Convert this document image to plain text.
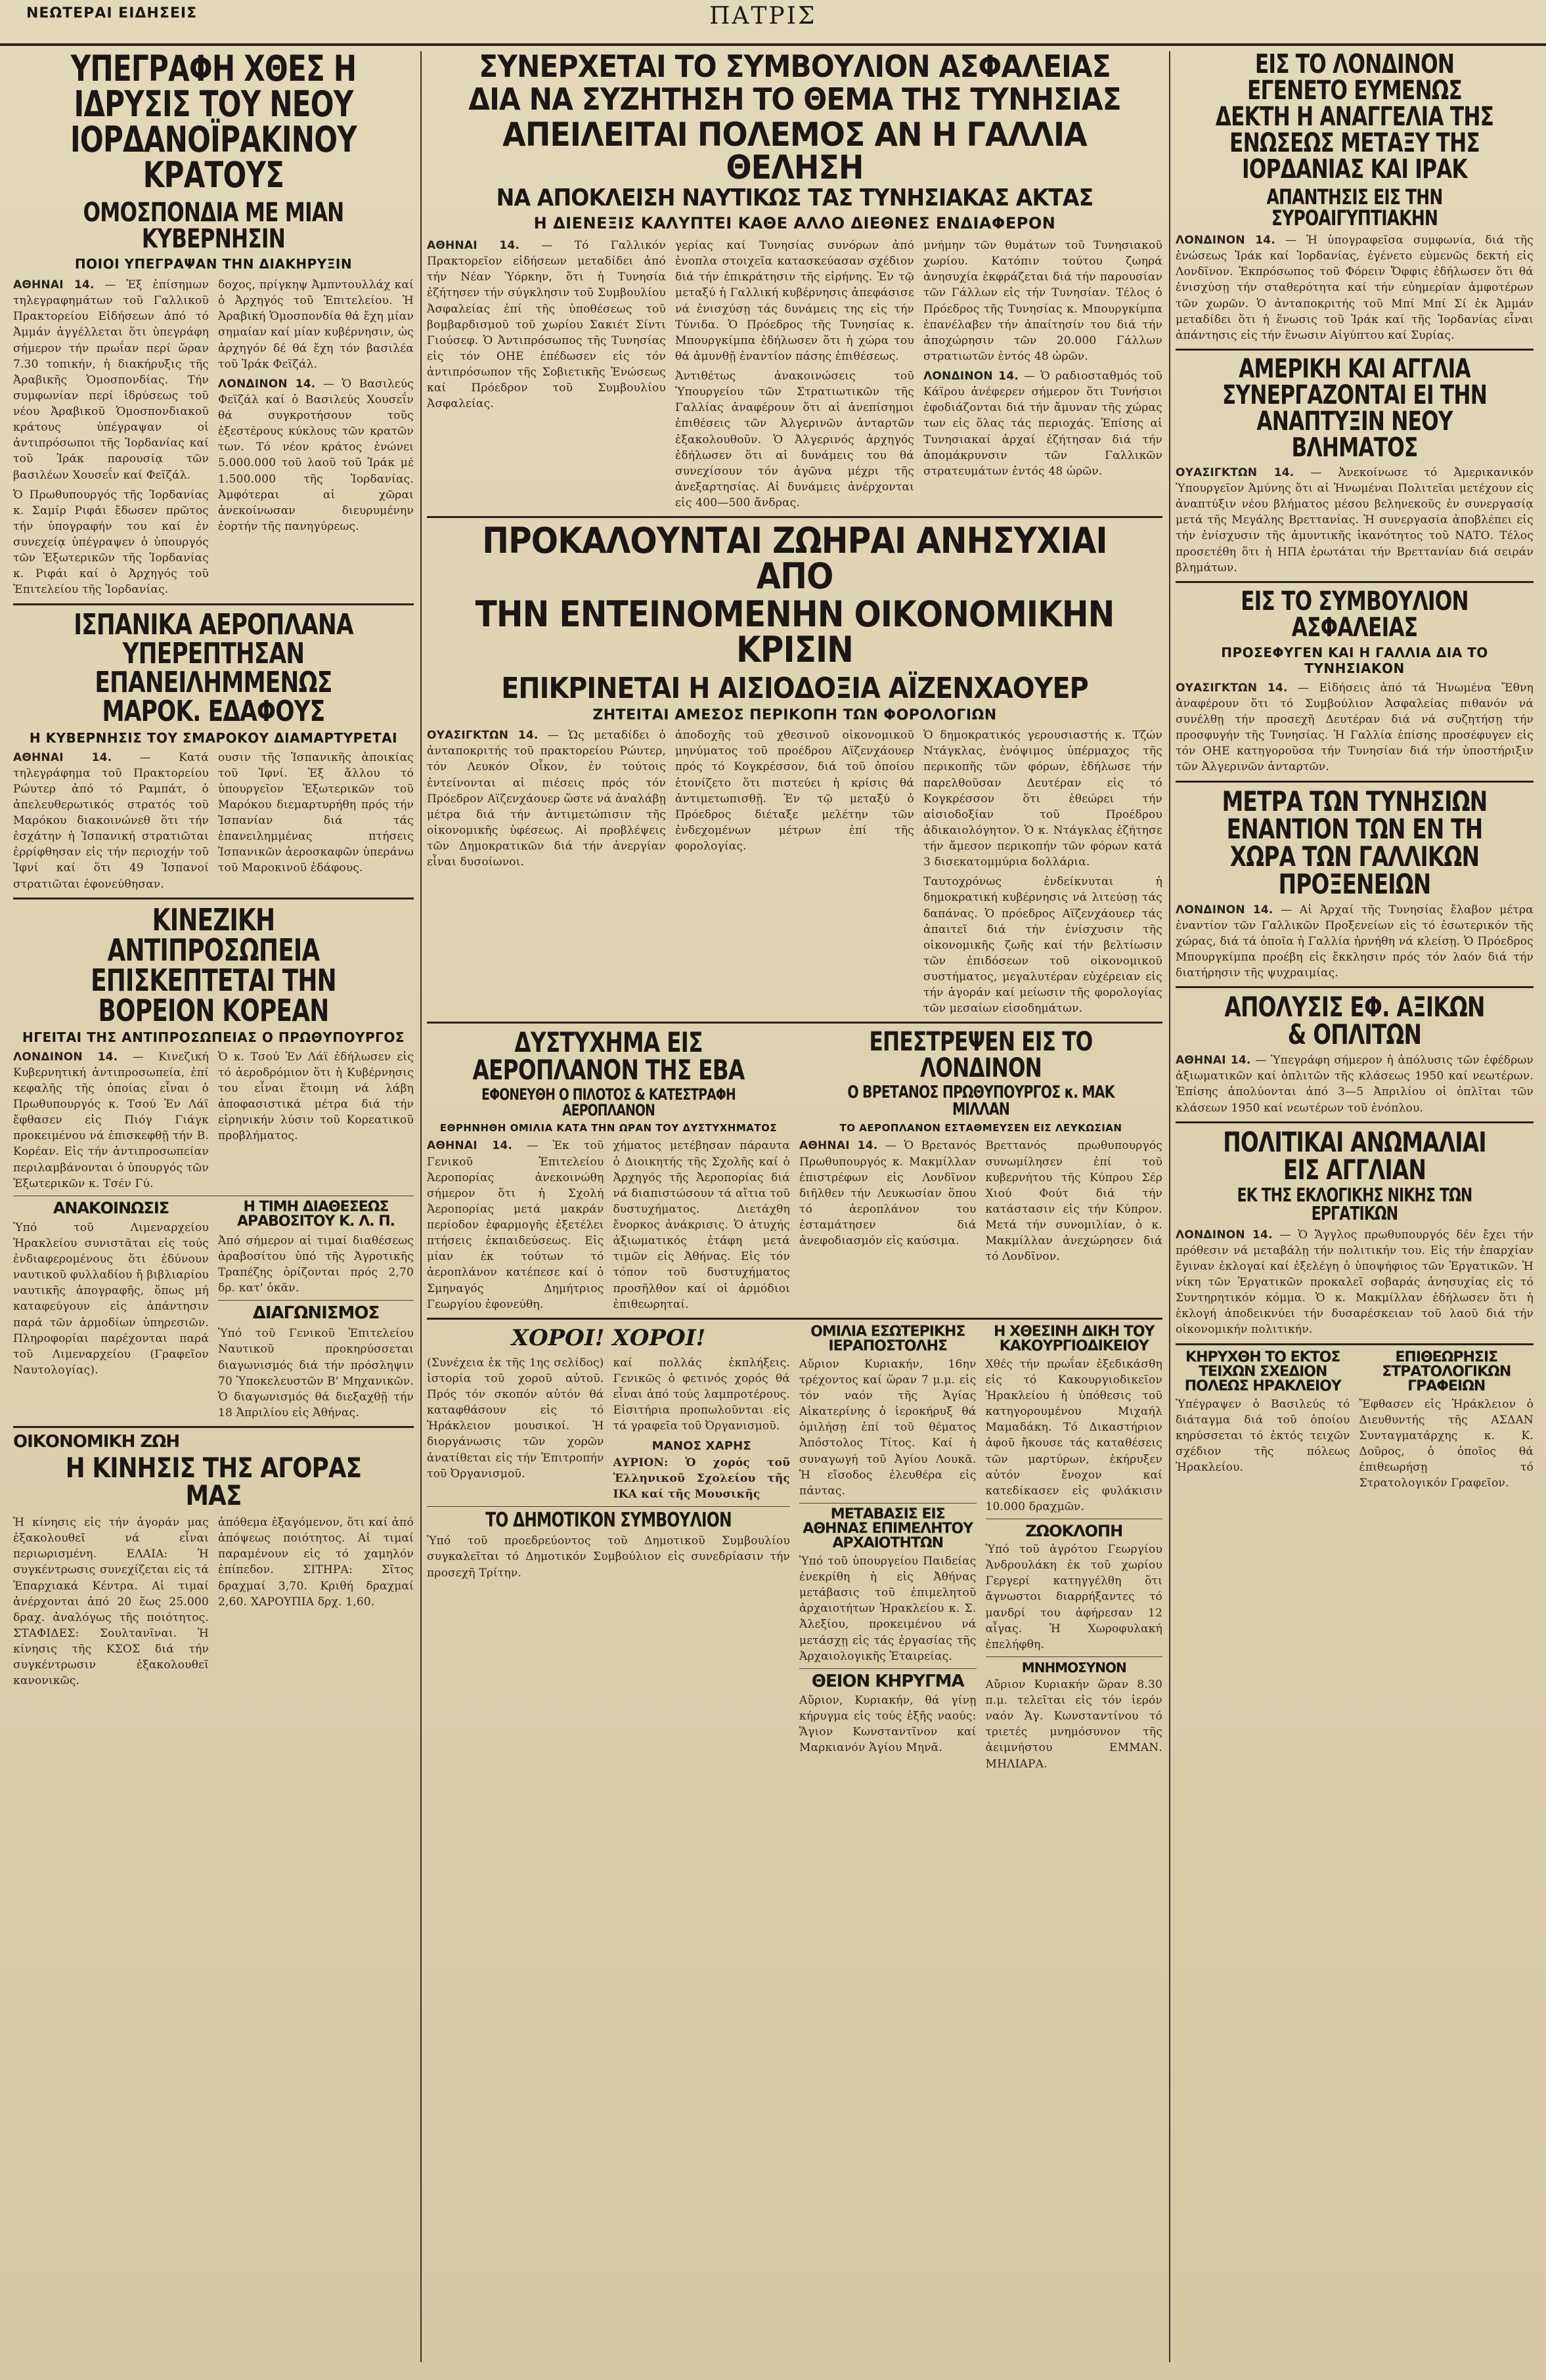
ΝΕΩΤΕΡΑΙ ΕΙΔΗΣΕΙΣ	ΠΑΤΡΙΣ
ΥΠΕΓΡΑΦΗ ΧΘΕΣ Η ΙΔΡΥΣΙΣ ΤΟΥ ΝΕΟΥ ΙΟΡΔΑΝΟΪΡΑΚΙΝΟΥ ΚΡΑΤΟΥΣ
ΟΜΟΣΠΟΝΔΙΑ ΜΕ ΜΙΑΝ ΚΥΒΕΡΝΗΣΙΝ
ΠΟΙΟΙ ΥΠΕΓΡΑΨΑΝ ΤΗΝ ΔΙΑΚΗΡΥΞΙΝ

ΑΘΗΝΑΙ 14. — Ἐξ ἐπίσημων τηλεγραφημάτων τοῦ Γαλλικοῦ Πρακτορείου Εἰδήσεων ἀπό τό Ἀμμάν ἀγγέλλεται ὅτι ὑπεγράφη σήμερον τήν πρωΐαν περί ὥραν 7.30 τοπικήν, ἡ διακήρυξις τῆς Ἀραβικῆς Ὁμοσπονδίας. Τήν συμφωνίαν περί ἱδρύσεως τοῦ νέου Ἀραβικοῦ Ὁμοσπονδιακοῦ κράτους ὑπέγραψαν οἱ ἀντιπρόσωποι τῆς Ἰορδανίας καί τοῦ Ἰράκ παρουσίᾳ τῶν βασιλέων Χουσεΐν καί Φεϊζάλ.

Ὁ Πρωθυπουργός τῆς Ἰορδανίας κ. Σαμίρ Ριφάι ἔδωσεν πρῶτος τήν ὑπογραφήν του καί ἐν συνεχείᾳ ὑπέγραψεν ὁ ὑπουργός τῶν Ἐξωτερικῶν τῆς Ἰορδανίας κ. Ριφάι καί ὁ Ἀρχηγός τοῦ Ἐπιτελείου τῆς Ἰορδανίας.

δοχος, πρίγκηψ Ἀμπντουλλάχ καί ὁ Ἀρχηγός τοῦ Ἐπιτελείου. Ἡ Ἀραβική Ὁμοσπονδία θά ἔχη μίαν σημαίαν καί μίαν κυβέρνησιν, ὡς ἀρχηγόν δέ θά ἔχη τόν βασιλέα τοῦ Ἰράκ Φεϊζάλ.

ΛΟΝΔΙΝΟΝ 14. — Ὁ Βασιλεύς Φεϊζάλ καί ὁ Βασιλεύς Χουσεΐν θά συγκροτήσουν τοῦς ἐξεστέρους κύκλους τῶν κρατῶν των. Τό νέον κράτος ἐνώνει 5.000.000 τοῦ λαοῦ τοῦ Ἰράκ μέ 1.500.000 τῆς Ἰορδανίας. Ἀμφότεραι αἱ χῶραι ἀνεκοίνωσαν διευρυμένην ἐορτήν τῆς πανηγύρεως.

ΙΣΠΑΝΙΚΑ ΑΕΡΟΠΛΑΝΑ ΥΠΕΡΕΠΤΗΣΑΝ ΕΠΑΝΕΙΛΗΜΜΕΝΩΣ ΜΑΡΟΚ. ΕΔΑΦΟΥΣ
Η ΚΥΒΕΡΝΗΣΙΣ ΤΟΥ ΣΜΑΡΟΚΟΥ ΔΙΑΜΑΡΤΥΡΕΤΑΙ

ΑΘΗΝΑΙ 14. — Κατά τηλεγράφημα τοῦ Πρακτορείου Ρώυτερ ἀπό τό Ραμπάτ, ὁ ἀπελευθερωτικός στρατός τοῦ Μαρόκου διακοινώνεθ ὅτι τήν ἑσχάτην ἡ Ἰσπανική στρατιῶται ἐρρίφθησαν εἰς τήν περιοχήν τοῦ Ἰφνί καί ὅτι 49 Ἰσπανοί στρατιῶται ἐφονεύθησαν.

ουσιν τῆς Ἰσπανικῆς ἀποικίας τοῦ Ἰφνί. Ἐξ ἄλλου τό ὑπουργεῖον Ἐξωτερικῶν τοῦ Μαρόκου διεμαρτυρήθη πρός τήν Ἰσπανίαν διά τάς ἐπανειλημμένας πτήσεις Ἰσπανικῶν ἀεροσκαφῶν ὑπεράνω τοῦ Μαροκινοῦ ἐδάφους.

ΚΙΝΕΖΙΚΗ ΑΝΤΙΠΡΟΣΩΠΕΙΑ ΕΠΙΣΚΕΠΤΕΤΑΙ ΤΗΝ ΒΟΡΕΙΟΝ ΚΟΡΕΑΝ
ΗΓΕΙΤΑΙ ΤΗΣ ΑΝΤΙΠΡΟΣΩΠΕΙΑΣ Ο ΠΡΩΘΥΠΟΥΡΓΟΣ

ΛΟΝΔΙΝΟΝ 14. — Κινεζική Κυβερνητική ἀντιπροσωπεία, ἐπί κεφαλῆς τῆς ὁποίας εἶναι ὁ Πρωθυπουργός κ. Τσού Ἐν Λάϊ ἔφθασεν εἰς Πιόγ Γιάγκ προκειμένου νά ἐπισκεφθῇ τήν Β. Κορέαν. Εἰς τήν ἀντιπροσωπείαν περιλαμβάνονται ὁ ὑπουργός τῶν Ἐξωτερικῶν κ. Τσέν Γύ.

Ὁ κ. Τσού Ἐν Λάϊ ἐδήλωσεν εἰς τό ἀεροδρόμιον ὅτι ἡ Κυβέρνησις του εἶναι ἕτοιμη νά λάβη ἀποφασιστικά μέτρα διά τήν εἰρηνικήν λύσιν τοῦ Κορεατικοῦ προβλήματος.

ΑΝΑΚΟΙΝΩΣΙΣ
Ὑπό τοῦ Λιμεναρχείου Ἡρακλείου συνιστᾶται εἰς τούς ἐνδιαφερομένους ὅτι ἐδύνουν ναυτικοῦ φυλλαδίου ἤ βιβλιαρίου ναυτικῆς ἀπογραφῆς, ὅπως μή καταφεύγουν εἰς ἀπάντησιν παρά τῶν ἁρμοδίων ὑπηρεσιῶν. Πληροφορίαι παρέχονται παρά τοῦ Λιμεναρχείου (Γραφεῖον Ναυτολογίας).
Η ΤΙΜΗ ΔΙΑΘΕΣΕΩΣ ΑΡΑΒΟΣΙΤΟΥ Κ. Λ. Π.
Ἀπό σήμερον αἱ τιμαί διαθέσεως ἀραβοσίτου ὑπό τῆς Ἀγροτικῆς Τραπέζης ὁρίζονται πρός 2,70 δρ. κατ' ὀκᾶν.
ΔΙΑΓΩΝΙΣΜΟΣ
Ὑπό τοῦ Γενικοῦ Ἐπιτελείου Ναυτικοῦ προκηρύσσεται διαγωνισμός διά τήν πρόσληψιν 70 Ὑποκελευστῶν Β' Μηχανικῶν. Ὁ διαγωνισμός θά διεξαχθῇ τήν 18 Ἀπριλίου εἰς Ἀθήνας.
ΟΙΚΟΝΟΜΙΚΗ ΖΩΗ
Η ΚΙΝΗΣΙΣ ΤΗΣ ΑΓΟΡΑΣ ΜΑΣ
Ἡ κίνησις εἰς τήν ἀγοράν μας ἐξακολουθεῖ νά εἶναι περιωρισμένη. ΕΛΑΙΑ: Ἡ συγκέντρωσις συνεχίζεται εἰς τά Ἐπαρχιακά Κέντρα. Αἱ τιμαί ἀνέρχονται ἀπό 20 ἕως 25.000 δραχ. ἀναλόγως τῆς ποιότητος. ΣΤΑΦΙΔΕΣ: Σουλτανῖναι. Ἡ κίνησις τῆς ΚΣΟΣ διά τήν συγκέντρωσιν ἐξακολουθεῖ κανονικῶς.
ἀπόθεμα ἐξαγόμενον, ὅτι καί ἀπό ἀπόψεως ποιότητος. Αἱ τιμαί παραμένουν εἰς τό χαμηλόν ἐπίπεδον. ΣΙΤΗΡΑ: Σῖτος δραχμαί 3,70. Κριθή δραχμαί 2,60. ΧΑΡΟΥΠΙΑ δρχ. 1,60.
ΣΥΝΕΡΧΕΤΑΙ ΤΟ ΣΥΜΒΟΥΛΙΟΝ ΑΣΦΑΛΕΙΑΣ
ΔΙΑ ΝΑ ΣΥΖΗΤΗΣΗ ΤΟ ΘΕΜΑ ΤΗΣ ΤΥΝΗΣΙΑΣ
ΑΠΕΙΛΕΙΤΑΙ ΠΟΛΕΜΟΣ ΑΝ Η ΓΑΛΛΙΑ ΘΕΛΗΣΗ
ΝΑ ΑΠΟΚΛΕΙΣΗ ΝΑΥΤΙΚΩΣ ΤΑΣ ΤΥΝΗΣΙΑΚΑΣ ΑΚΤΑΣ
Η ΔΙΕΝΕΞΙΣ ΚΑΛΥΠΤΕΙ ΚΑΘΕ ΑΛΛΟ ΔΙΕΘΝΕΣ ΕΝΔΙΑΦΕΡΟΝ

ΑΘΗΝΑΙ 14. — Τό Γαλλικόν Πρακτορεῖον εἰδήσεων μεταδίδει ἀπό τήν Νέαν Ὑόρκην, ὅτι ἡ Τυνησία ἐζήτησεν τήν σύγκλησιν τοῦ Συμβουλίου Ἀσφαλείας ἐπί τῆς ὑποθέσεως τοῦ βομβαρδισμοῦ τοῦ χωρίου Σακιέτ Σίντι Γιούσεφ. Ὁ Ἀντιπρόσωπος τῆς Τυνησίας εἰς τόν ΟΗΕ ἐπέδωσεν εἰς τόν ἀντιπρόσωπον τῆς Σοβιετικῆς Ἑνώσεως καί Πρόεδρον τοῦ Συμβουλίου Ἀσφαλείας.

γερίας καί Τυνησίας συνόρων ἀπό ἑνοπλα στοιχεῖα κατασκεύασαν σχέδιον διά τήν ἐπικράτησιν τῆς εἰρήνης. Ἐν τῷ μεταξύ ἡ Γαλλική κυβέρνησις ἀπεφάσισε νά ἐνισχύσῃ τάς δυνάμεις της εἰς τήν Τύνιδα. Ὁ Πρόεδρος τῆς Τυνησίας κ. Μπουργκίμπα ἐδήλωσεν ὅτι ἡ χώρα του θά ἀμυνθῇ ἐναντίον πάσης ἐπιθέσεως.

Ἀντιθέτως ἀνακοινώσεις τοῦ Ὑπουργείου τῶν Στρατιωτικῶν τῆς Γαλλίας ἀναφέρουν ὅτι αἱ ἀνεπίσημοι ἐπιθέσεις τῶν Ἀλγερινῶν ἀνταρτῶν ἐξακολουθοῦν. Ὁ Ἀλγερινός ἀρχηγός ἐδήλωσεν ὅτι αἱ δυνάμεις του θά συνεχίσουν τόν ἀγῶνα μέχρι τῆς ἀνεξαρτησίας. Αἱ δυνάμεις ἀνέρχονται εἰς 400—500 ἄνδρας.

μνήμην τῶν θυμάτων τοῦ Τυνησιακοῦ χωρίου. Κατόπιν τούτου ζωηρά ἀνησυχία ἐκφράζεται διά τήν παρουσίαν τῶν Γάλλων εἰς τήν Τυνησίαν. Τέλος ὁ Πρόεδρος τῆς Τυνησίας κ. Μπουργκίμπα ἐπανέλαβεν τήν ἀπαίτησίν του διά τήν ἀποχώρησιν τῶν 20.000 Γάλλων στρατιωτῶν ἐντός 48 ὡρῶν.

ΛΟΝΔΙΝΟΝ 14. — Ὁ ραδιοσταθμός τοῦ Κάϊρου ἀνέφερεν σήμερον ὅτι Τυνήσιοι ἐφοδιάζονται διά τήν ἄμυναν τῆς χώρας των εἰς ὅλας τάς περιοχάς. Ἐπίσης αἱ Τυνησιακαί ἀρχαί ἐζήτησαν διά τήν ἀπομάκρυνσιν τῶν Γαλλικῶν στρατευμάτων ἐντός 48 ὡρῶν.

ΠΡΟΚΑΛΟΥΝΤΑΙ ΖΩΗΡΑΙ ΑΝΗΣΥΧΙΑΙ ΑΠΟ
ΤΗΝ ΕΝΤΕΙΝΟΜΕΝΗΝ ΟΙΚΟΝΟΜΙΚΗΝ ΚΡΙΣΙΝ
ΕΠΙΚΡΙΝΕΤΑΙ Η ΑΙΣΙΟΔΟΞΙΑ ΑΪΖΕΝΧΑΟΥΕΡ
ΖΗΤΕΙΤΑΙ ΑΜΕΣΟΣ ΠΕΡΙΚΟΠΗ ΤΩΝ ΦΟΡΟΛΟΓΙΩΝ

ΟΥΑΣΙΓΚΤΩΝ 14. — Ὡς μεταδίδει ὁ ἀνταποκριτής τοῦ πρακτορείου Ρώυτερ, τόν Λευκόν Οἶκον, ἐν τούτοις ἐντείνονται αἱ πιέσεις πρός τόν Πρόεδρον Αϊζενχάουερ ὥστε νά ἀναλάβῃ μέτρα διά τήν ἀντιμετώπισιν τῆς οἰκονομικῆς ὑφέσεως. Αἱ προβλέψεις τῶν Δημοκρατικῶν διά τήν ἀνεργίαν εἶναι δυσοίωνοι.

ἀποδοχῆς τοῦ χθεσινοῦ οἰκονομικοῦ μηνύματος τοῦ προέδρου Αϊζενχάουερ πρός τό Κογκρέσσον, διά τοῦ ὁποίου ἐτονίζετο ὅτι πιστεύει ἡ κρίσις θά ἀντιμετωπισθῇ. Ἐν τῷ μεταξύ ὁ Πρόεδρος διέταξε μελέτην τῶν ἐνδεχομένων μέτρων ἐπί τῆς φορολογίας.

Ὁ δημοκρατικός γερουσιαστής κ. Τζών Ντάγκλας, ἐνόψιμος ὑπέρμαχος τῆς περικοπῆς τῶν φόρων, ἐδήλωσε τήν παρελθοῦσαν Δευτέραν εἰς τό Κογκρέσσον ὅτι ἐθεώρει τήν αἰσιοδοξίαν τοῦ Προέδρου ἀδικαιολόγητον. Ὁ κ. Ντάγκλας ἐζήτησε τήν ἄμεσον περικοπήν τῶν φόρων κατά 3 δισεκατομμύρια δολλάρια.

Ταυτοχρόνως ἐνδείκνυται ἡ δημοκρατική κυβέρνησις νά λιτεύσῃ τάς δαπάνας. Ὁ πρόεδρος Αϊζενχάουερ τάς ἀπαιτεῖ διά τήν ἐνίσχυσιν τῆς οἰκονομικῆς ζωῆς καί τήν βελτίωσιν τῶν ἐπιδόσεων τοῦ οἰκονομικοῦ συστήματος, μεγαλυτέραν εὐχέρειαν εἰς τήν ἀγοράν καί μείωσιν τῆς φορολογίας τῶν μεσαίων εἰσοδημάτων.

ΔΥΣΤΥΧΗΜΑ ΕΙΣ ΑΕΡΟΠΛΑΝΟΝ ΤΗΣ ΕΒΑ
ΕΦΟΝΕΥΘΗ Ο ΠΙΛΟΤΟΣ & ΚΑΤΕΣΤΡΑΦΗ ΑΕΡΟΠΛΑΝΟΝ
ΕΘΡΗΝΗΘΗ ΟΜΙΛΙΑ ΚΑΤΑ ΤΗΝ ΩΡΑΝ ΤΟΥ ΔΥΣΤΥΧΗΜΑΤΟΣ

ΑΘΗΝΑΙ 14. — Ἐκ τοῦ Γενικοῦ Ἐπιτελείου Ἀεροπορίας ἀνεκοινώθη σήμερον ὅτι ἡ Σχολή Ἀεροπορίας μετά μακράν περίοδον ἐφαρμογῆς ἐξετέλει πτήσεις ἐκπαιδεύσεως. Εἰς μίαν ἐκ τούτων τό ἀεροπλάνον κατέπεσε καί ὁ Σμηναγός Δημήτριος Γεωργίου ἐφονεύθη.

χήματος μετέβησαν πάραυτα ὁ Διοικητής τῆς Σχολῆς καί ὁ Ἀρχηγός τῆς Ἀεροπορίας διά νά διαπιστώσουν τά αἴτια τοῦ δυστυχήματος. Διετάχθη ἔνορκος ἀνάκρισις. Ὁ ἀτυχής ἀξιωματικός ἐτάφη μετά τιμῶν εἰς Ἀθήνας. Εἰς τόν τόπον τοῦ δυστυχήματος προσῆλθον καί οἱ ἀρμόδιοι ἐπιθεωρηταί.

ΕΠΕΣΤΡΕΨΕΝ ΕΙΣ ΤΟ ΛΟΝΔΙΝΟΝ
Ο ΒΡΕΤΑΝΟΣ ΠΡΩΘΥΠΟΥΡΓΟΣ κ. ΜΑΚ ΜΙΛΛΑΝ
ΤΟ ΑΕΡΟΠΛΑΝΟΝ ΕΣΤΑΘΜΕΥΣΕΝ ΕΙΣ ΛΕΥΚΩΣΙΑΝ

ΑΘΗΝΑΙ 14. — Ὁ Βρετανός Πρωθυπουργός κ. Μακμίλλαν ἐπιστρέφων εἰς Λονδῖνον διῆλθεν τήν Λευκωσίαν ὅπου τό ἀεροπλάνον του ἐσταμάτησεν διά ἀνεφοδιασμόν εἰς καύσιμα.

Βρεττανός πρωθυπουργός συνωμίλησεν ἐπί τοῦ κυβερνήτου τῆς Κύπρου Σέρ Χιού Φούτ διά τήν κατάστασιν εἰς τήν Κύπρον. Μετά τήν συνομιλίαν, ὁ κ. Μακμίλλαν ἀνεχώρησεν διά τό Λονδῖνον.

ΧΟΡΟΙ! ΧΟΡΟΙ!
(Συνέχεια ἐκ τῆς 1ης σελίδος) ἱστορία τοῦ χοροῦ αὐτοῦ. Πρός τόν σκοπόν αὐτόν θά καταφθάσουν εἰς τό Ἡράκλειον μουσικοί. Ἡ διοργάνωσις τῶν χορῶν ἀνατίθεται εἰς τήν Ἐπιτροπήν τοῦ Ὀργανισμοῦ.

καί πολλάς ἐκπλήξεις. Γενικῶς ὁ φετινός χορός θά εἶναι ἀπό τούς λαμπροτέρους. Εἰσιτήρια προπωλοῦνται εἰς τά γραφεῖα τοῦ Ὀργανισμοῦ.

ΜΑΝΟΣ ΧΑΡΗΣ

ΑΥΡΙΟΝ: Ὁ χορός τοῦ Ἐλληνικοῦ Σχολείου τῆς ΙΚΑ καί τῆς Μουσικῆς

ΤΟ ΔΗΜΟΤΙΚΟΝ ΣΥΜΒΟΥΛΙΟΝ
Ὑπό τοῦ προεδρεύοντος τοῦ Δημοτικοῦ Συμβουλίου συγκαλεῖται τό Δημοτικόν Συμβούλιον εἰς συνεδρίασιν τήν προσεχῆ Τρίτην.
ΟΜΙΛΙΑ ΕΣΩΤΕΡΙΚΗΣ ΙΕΡΑΠΟΣΤΟΛΗΣ
Αὔριον Κυριακήν, 16ην τρέχοντος καί ὥραν 7 μ.μ. εἰς τόν ναόν τῆς Ἁγίας Αἰκατερίνης ὁ ἱεροκήρυξ θά ὁμιλήσῃ ἐπί τοῦ θέματος Ἀπόστολος Τίτος. Καί ἡ συναγωγή τοῦ Ἀγίου Λουκᾶ. Ἡ εἴσοδος ἐλευθέρα εἰς πάντας.
ΜΕΤΑΒΑΣΙΣ ΕΙΣ ΑΘΗΝΑΣ ΕΠΙΜΕΛΗΤΟΥ ΑΡΧΑΙΟΤΗΤΩΝ
Ὑπό τοῦ ὑπουργείου Παιδείας ἐνεκρίθη ἡ εἰς Ἀθήνας μετάβασις τοῦ ἐπιμελητοῦ ἀρχαιοτήτων Ἡρακλείου κ. Σ. Ἀλεξίου, προκειμένου νά μετάσχῃ εἰς τάς ἐργασίας τῆς Ἀρχαιολογικῆς Ἑταιρείας.
ΘΕΙΟΝ ΚΗΡΥΓΜΑ
Αὔριον, Κυριακήν, θά γίνῃ κήρυγμα εἰς τούς ἑξῆς ναούς: Ἅγιον Κωνσταντῖνον καί Μαρκιανόν Ἁγίου Μηνᾶ.
Η ΧΘΕΣΙΝΗ ΔΙΚΗ ΤΟΥ ΚΑΚΟΥΡΓΙΟΔΙΚΕΙΟΥ
Χθές τήν πρωΐαν ἐξεδικάσθη εἰς τό Κακουργιοδικεῖον Ἡρακλείου ἡ ὑπόθεσις τοῦ κατηγορουμένου Μιχαήλ Μαμαδάκη. Τό Δικαστήριον ἀφοῦ ἤκουσε τάς καταθέσεις τῶν μαρτύρων, ἐκήρυξεν αὐτόν ἔνοχον καί κατεδίκασεν εἰς φυλάκισιν 10.000 δραχμῶν.
ΖΩΟΚΛΟΠΗ
Ὑπό τοῦ ἀγρότου Γεωργίου Ἀνδρουλάκη ἐκ τοῦ χωρίου Γεργερί κατηγγέλθη ὅτι ἄγνωστοι διαρρήξαντες τό μανδρί του ἀφήρεσαν 12 αἶγας. Ἡ Χωροφυλακή ἐπελήφθη.
ΜΝΗΜΟΣΥΝΟΝ
Αὔριον Κυριακήν ὥραν 8.30 π.μ. τελεῖται εἰς τόν ἱερόν ναόν Ἁγ. Κωνσταντίνου τό τριετές μνημόσυνον τῆς ἀειμνήστου ΕΜΜΑΝ. ΜΗΛΙΑΡΑ.
ΕΙΣ ΤΟ ΛΟΝΔΙΝΟΝ ΕΓΕΝΕΤΟ ΕΥΜΕΝΩΣ ΔΕΚΤΗ Η ΑΝΑΓΓΕΛΙΑ ΤΗΣ ΕΝΩΣΕΩΣ ΜΕΤΑΞΥ ΤΗΣ ΙΟΡΔΑΝΙΑΣ ΚΑΙ ΙΡΑΚ
ΑΠΑΝΤΗΣΙΣ ΕΙΣ ΤΗΝ ΣΥΡΟΑΙΓΥΠΤΙΑΚΗΝ
ΛΟΝΔΙΝΟΝ 14. — Ἡ ὑπογραφεῖσα συμφωνία, διά τῆς ἑνώσεως Ἰράκ καί Ἰορδανίας, ἐγένετο εὐμενῶς δεκτή εἰς Λονδῖνον. Ἐκπρόσωπος τοῦ Φόρειν Ὄφφις ἐδήλωσεν ὅτι θά ἐνισχύσῃ τήν σταθερότητα καί τήν εὐημερίαν ἀμφοτέρων τῶν χωρῶν. Ὁ ἀνταποκριτής τοῦ Μπί Μπί Σί ἐκ Ἀμμάν μεταδίδει ὅτι ἡ ἕνωσις τοῦ Ἰράκ καί τῆς Ἰορδανίας εἶναι ἀπάντησις εἰς τήν ἕνωσιν Αἰγύπτου καί Συρίας.
ΑΜΕΡΙΚΗ ΚΑΙ ΑΓΓΛΙΑ ΣΥΝΕΡΓΑΖΟΝΤΑΙ ΕΙ ΤΗΝ ΑΝΑΠΤΥΞΙΝ ΝΕΟΥ ΒΛΗΜΑΤΟΣ
ΟΥΑΣΙΓΚΤΩΝ 14. — Ἀνεκοίνωσε τό Ἀμερικανικόν Ὑπουργεῖον Ἀμύνης ὅτι αἱ Ἡνωμέναι Πολιτεῖαι μετέχουν εἰς ἀναπτύξιν νέου βλήματος μέσου βεληνεκοῦς ἐν συνεργασίᾳ μετά τῆς Μεγάλης Βρεττανίας. Ἡ συνεργασία ἀποβλέπει εἰς τήν ἐνίσχυσιν τῆς ἀμυντικῆς ἱκανότητος τοῦ ΝΑΤΟ. Τέλος προσετέθη ὅτι ἡ ΗΠΑ ἐρωτάται τήν Βρεττανίαν διά σειράν βλημάτων.
ΕΙΣ ΤΟ ΣΥΜΒΟΥΛΙΟΝ ΑΣΦΑΛΕΙΑΣ
ΠΡΟΣΕΦΥΓΕΝ ΚΑΙ Η ΓΑΛΛΙΑ ΔΙΑ ΤΟ ΤΥΝΗΣΙΑΚΟΝ
ΟΥΑΣΙΓΚΤΩΝ 14. — Εἰδήσεις ἀπό τά Ἡνωμένα Ἔθνη ἀναφέρουν ὅτι τό Συμβούλιον Ἀσφαλείας πιθανόν νά συνέλθῃ τήν προσεχῆ Δευτέραν διά νά συζητήσῃ τήν προσφυγήν τῆς Τυνησίας. Ἡ Γαλλία ἐπίσης προσέφυγεν εἰς τόν ΟΗΕ κατηγοροῦσα τήν Τυνησίαν διά τήν ὑποστήριξιν τῶν Ἀλγερινῶν ἀνταρτῶν.
ΜΕΤΡΑ ΤΩΝ ΤΥΝΗΣΙΩΝ ΕΝΑΝΤΙΟΝ ΤΩΝ ΕΝ ΤΗ ΧΩΡΑ ΤΩΝ ΓΑΛΛΙΚΩΝ ΠΡΟΞΕΝΕΙΩΝ
ΛΟΝΔΙΝΟΝ 14. — Αἱ Ἀρχαί τῆς Τυνησίας ἔλαβον μέτρα ἐναντίον τῶν Γαλλικῶν Προξενείων εἰς τό ἐσωτερικόν τῆς χώρας, διά τά ὁποῖα ἡ Γαλλία ἠρνήθη νά κλείσῃ. Ὁ Πρόεδρος Μπουργκίμπα προέβη εἰς ἔκκλησιν πρός τόν λαόν διά τήν διατήρησιν τῆς ψυχραιμίας.
ΑΠΟΛΥΣΙΣ ΕΦ. ΑΞΙΚΩΝ & ΟΠΛΙΤΩΝ
ΑΘΗΝΑΙ 14. — Ὑπεγράφη σήμερον ἡ ἀπόλυσις τῶν ἐφέδρων ἀξιωματικῶν καί ὁπλιτῶν τῆς κλάσεως 1950 καί νεωτέρων. Ἐπίσης ἀπολύονται ἀπό 3—5 Ἀπριλίου οἱ ὁπλῖται τῶν κλάσεων 1950 καί νεωτέρων τοῦ ἐνόπλου.
ΠΟΛΙΤΙΚΑΙ ΑΝΩΜΑΛΙΑΙ ΕΙΣ ΑΓΓΛΙΑΝ
ΕΚ ΤΗΣ ΕΚΛΟΓΙΚΗΣ ΝΙΚΗΣ ΤΩΝ ΕΡΓΑΤΙΚΩΝ
ΛΟΝΔΙΝΟΝ 14. — Ὁ Ἄγγλος πρωθυπουργός δέν ἔχει τήν πρόθεσιν νά μεταβάλῃ τήν πολιτικήν του. Εἰς τήν ἐπαρχίαν ἔγιναν ἐκλογαί καί ἐξελέγη ὁ ὑποψήφιος τῶν Ἐργατικῶν. Ἡ νίκη τῶν Ἐργατικῶν προκαλεῖ σοβαράς ἀνησυχίας εἰς τό Συντηρητικόν κόμμα. Ὁ κ. Μακμίλλαν ἐδήλωσεν ὅτι ἡ ἐκλογή ἀποδεικνύει τήν δυσαρέσκειαν τοῦ λαοῦ διά τήν οἰκονομικήν πολιτικήν.
ΚΗΡΥΧΘΗ ΤΟ ΕΚΤΟΣ ΤΕΙΧΩΝ ΣΧΕΔΙΟΝ ΠΟΛΕΩΣ ΗΡΑΚΛΕΙΟΥ
Ὑπέγραψεν ὁ Βασιλεύς τό διάταγμα διά τοῦ ὁποίου κηρύσσεται τό ἐκτός τειχῶν σχέδιον τῆς πόλεως Ἡρακλείου.
ΕΠΙΘΕΩΡΗΣΙΣ ΣΤΡΑΤΟΛΟΓΙΚΩΝ ΓΡΑΦΕΙΩΝ
Ἔφθασεν εἰς Ἡράκλειον ὁ Διευθυντής τῆς ΑΣΔΑΝ Συνταγματάρχης κ. Κ. Δοῦρος, ὁ ὁποῖος θά ἐπιθεωρήσῃ τό Στρατολογικόν Γραφεῖον.
